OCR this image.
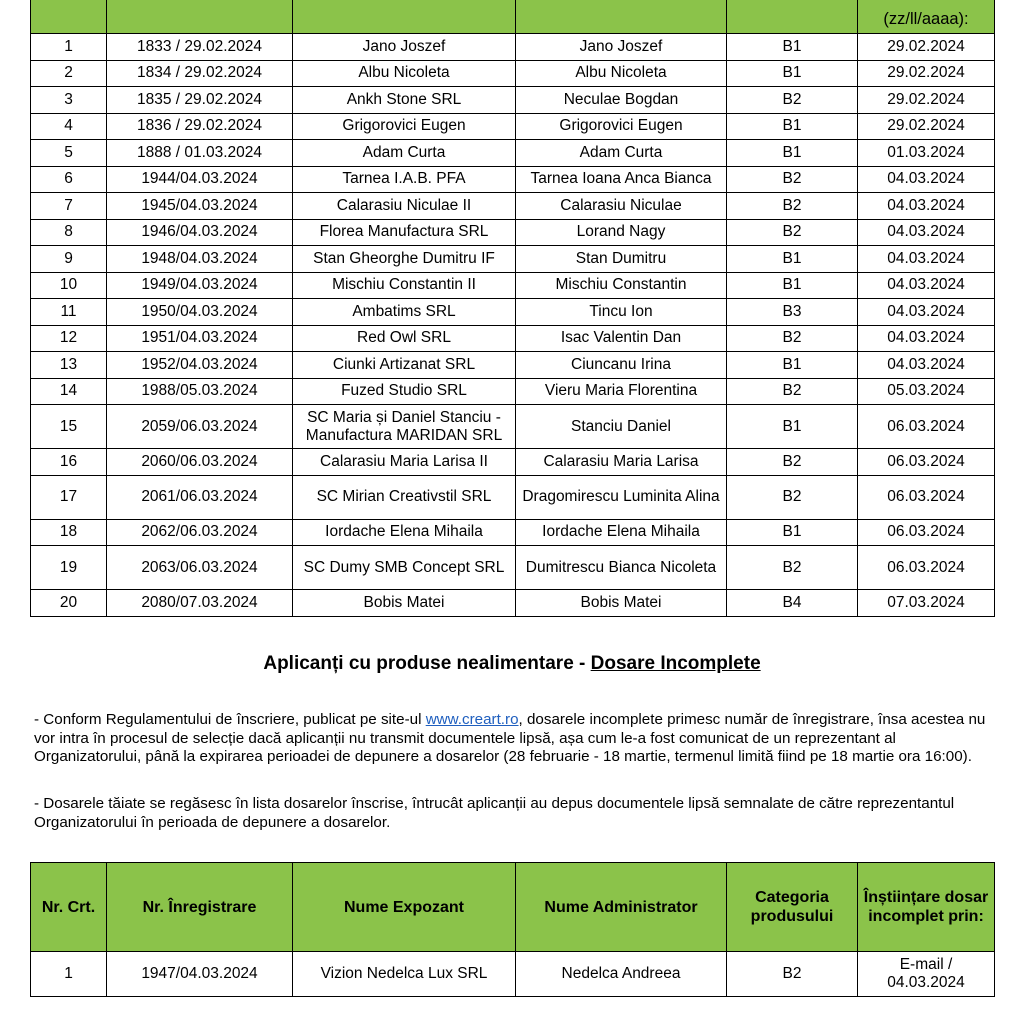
					(zz/ll/aaaa):
1	1833 / 29.02.2024	Jano Joszef	Jano Joszef	B1	29.02.2024
2	1834 / 29.02.2024	Albu Nicoleta	Albu Nicoleta	B1	29.02.2024
3	1835 / 29.02.2024	Ankh Stone SRL	Neculae Bogdan	B2	29.02.2024
4	1836 / 29.02.2024	Grigorovici Eugen	Grigorovici Eugen	B1	29.02.2024
5	1888 / 01.03.2024	Adam Curta	Adam Curta	B1	01.03.2024
6	1944/04.03.2024	Tarnea I.A.B. PFA	Tarnea Ioana Anca Bianca	B2	04.03.2024
7	1945/04.03.2024	Calarasiu Niculae II	Calarasiu Niculae	B2	04.03.2024
8	1946/04.03.2024	Florea Manufactura SRL	Lorand Nagy	B2	04.03.2024
9	1948/04.03.2024	Stan Gheorghe Dumitru IF	Stan Dumitru	B1	04.03.2024
10	1949/04.03.2024	Mischiu Constantin II	Mischiu Constantin	B1	04.03.2024
11	1950/04.03.2024	Ambatims SRL	Tincu Ion	B3	04.03.2024
12	1951/04.03.2024	Red Owl SRL	Isac Valentin Dan	B2	04.03.2024
13	1952/04.03.2024	Ciunki Artizanat SRL	Ciuncanu Irina	B1	04.03.2024
14	1988/05.03.2024	Fuzed Studio SRL	Vieru Maria Florentina	B2	05.03.2024
15	2059/06.03.2024	SC Maria și Daniel Stanciu - Manufactura MARIDAN SRL	Stanciu Daniel	B1	06.03.2024
16	2060/06.03.2024	Calarasiu Maria Larisa II	Calarasiu Maria Larisa	B2	06.03.2024
17	2061/06.03.2024	SC Mirian Creativstil SRL	Dragomirescu Luminita Alina	B2	06.03.2024
18	2062/06.03.2024	Iordache Elena Mihaila	Iordache Elena Mihaila	B1	06.03.2024
19	2063/06.03.2024	SC Dumy SMB Concept SRL	Dumitrescu Bianca Nicoleta	B2	06.03.2024
20	2080/07.03.2024	Bobis Matei	Bobis Matei	B4	07.03.2024
Aplicanți cu produse nealimentare - Dosare Incomplete
- Conform Regulamentului de înscriere, publicat pe site-ul www.creart.ro, dosarele incomplete primesc număr de înregistrare, însa acestea nu vor intra în procesul de selecție dacă aplicanții nu transmit documentele lipsă, așa cum le-a fost comunicat de un reprezentant al Organizatorului, până la expirarea perioadei de depunere a dosarelor (28 februarie - 18 martie, termenul limită fiind pe 18 martie ora 16:00).
- Dosarele tăiate se regăsesc în lista dosarelor înscrise, întrucât aplicanții au depus documentele lipsă semnalate de către reprezentantul Organizatorului în perioada de depunere a dosarelor.
Nr. Crt.	Nr. Înregistrare	Nume Expozant	Nume Administrator	Categoria produsului	Înștiințare dosar incomplet prin:
1	1947/04.03.2024	Vizion Nedelca Lux SRL	Nedelca Andreea	B2	E-mail / 04.03.2024
